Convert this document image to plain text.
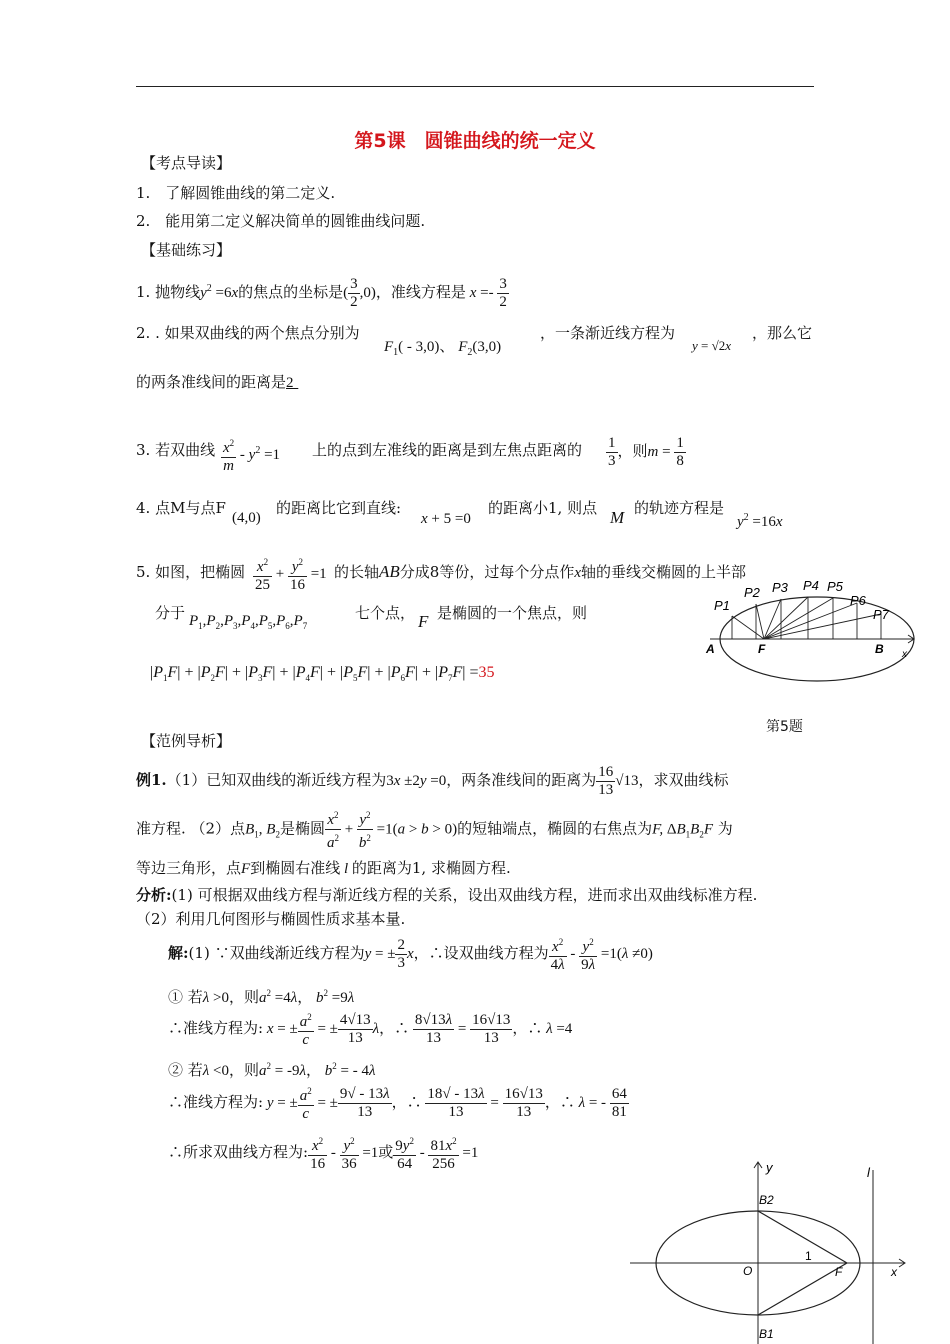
第5课　圆锥曲线的统一定义
【考点导读】
1.　了解圆锥曲线的第二定义.
2.　能用第二定义解决简单的圆锥曲线问题.
【基础练习】
1. 抛物线$y^2 =6x$的焦点的坐标是( $\frac{3}{2} ,0$)，准线方程是 $x =- \frac{3}{2}$
2. . 如果双曲线的两个焦点分别为
$F_1( - 3,0)$、 $F_2(3,0)$
，一条渐近线方程为
y = √2x
，那么它
的两条准线间的距离是2
3. 若双曲线 $\frac{x^2}{m} - y^2 =1$ 上的点到左准线的距离是到左焦点距离的 $\frac{1}{3}$ ，则$m = \frac{1}{8}$
4. 点M与点F
(4,0)
的距离比它到直线:
x + 5 =0
的距离小1, 则点 M 的轨迹方程是
$y^2 =16x$
5. 如图，把椭圆 $\frac{x^2}{25} + \frac{y^2}{16} =1$ 的长轴AB分成8等份，过每个分点作x轴的垂线交椭圆的上半部
分于 $P_1,P_2,P_3,P_4,P_5,P_6,P_7$
七个点， F 是椭圆的一个焦点，则
$|P_1F| + |P_2F| + |P_3F| + |P_4F| + |P_5F| + |P_6F| + |P_7F| =35$
P1
P2 P3 P4 P5
P6
P7
A	F	B x
第5题
【范例导析】
例1.（1）已知双曲线的渐近线方程为3x ±2y =0，两条准线间的距离为 $\frac{16}{13} √13$，求双曲线标
准方程. （2）点$B_1$, $B_2$是椭圆 $\frac{x^2}{a^2} + \frac{y^2}{b^2} =1(a > b > 0)$的短轴端点，椭圆的右焦点为F, $\Delta B_1B_2F$ 为
等边三角形，点F到椭圆右准线 l 的距离为1, 求椭圆方程.
分析:(1) 可根据双曲线方程与渐近线方程的关系，设出双曲线方程，进而求出双曲线标准方程.
（2）利用几何图形与椭圆性质求基本量.
解:(1) ∵双曲线渐近线方程为y = ± $\frac{2}{3}$ x，∴设双曲线方程为 $\frac{x^2}{4\lambda} - \frac{y^2}{9\lambda} =1(\lambda \ne 0)$
① 若λ >0，则$a^2 =4\lambda$， $b^2 =9\lambda$
∴准线方程为: x = ± $\frac{a^2}{c}$ = ± $\frac{4√13}{13}$ λ，∴ $\frac{8√13\lambda}{13} = \frac{16√13}{13}$ ，∴ λ =4
② 若λ <0，则$a^2 = -9\lambda$， $b^2$ = - 4λ
∴准线方程为: y = ± $\frac{a^2}{c}$ = ± $\frac{9√ - 13\lambda}{13}$ ，∴ $\frac{18√ - 13\lambda}{13} = \frac{16√13}{13}$ ，∴ λ = - $\frac{64}{81}$
∴所求双曲线方程为: $\frac{x^2}{16} - \frac{y^2}{36} =1$或 $\frac{9y^2}{64} - \frac{81x^2}{256} =1$
y	l
B2
O
1
F	x
B1
